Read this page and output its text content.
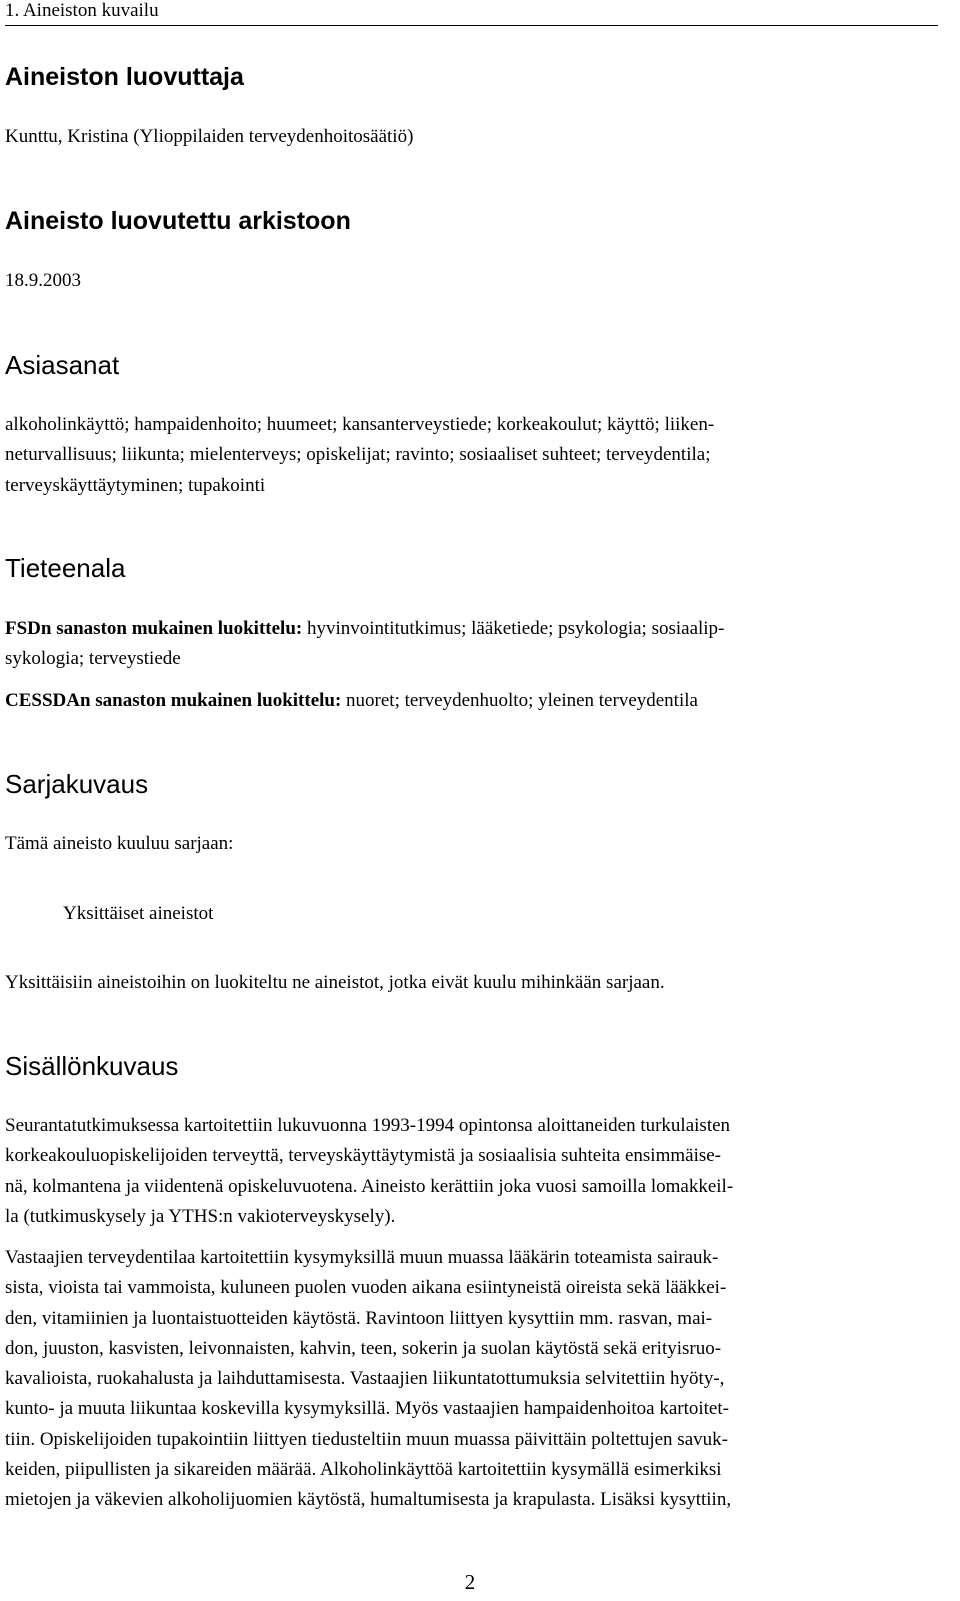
1. Aineiston kuvailu
Aineiston luovuttaja

Kunttu, Kristina (Ylioppilaiden terveydenhoitosäätiö)

Aineisto luovutettu arkistoon

18.9.2003

Asiasanat
alkoholinkäyttö; hampaidenhoito; huumeet; kansanterveystiede; korkeakoulut; käyttö; liiken-
neturvallisuus; liikunta; mielenterveys; opiskelijat; ravinto; sosiaaliset suhteet; terveydentila;
terveyskäyttäytyminen; tupakointi
Tieteenala
FSDn sanaston mukainen luokittelu: hyvinvointitutkimus; lääketiede; psykologia; sosiaalip-
sykologia; terveystiede
CESSDAn sanaston mukainen luokittelu: nuoret; terveydenhuolto; yleinen terveydentila
Sarjakuvaus

Tämä aineisto kuuluu sarjaan:

Yksittäiset aineistot

Yksittäisiin aineistoihin on luokiteltu ne aineistot, jotka eivät kuulu mihinkään sarjaan.

Sisällönkuvaus
Seurantatutkimuksessa kartoitettiin lukuvuonna 1993-1994 opintonsa aloittaneiden turkulaisten
korkeakouluopiskelijoiden terveyttä, terveyskäyttäytymistä ja sosiaalisia suhteita ensimmäise-
nä, kolmantena ja viidentenä opiskeluvuotena. Aineisto kerättiin joka vuosi samoilla lomakkeil-
la (tutkimuskysely ja YTHS:n vakioterveyskysely).
Vastaajien terveydentilaa kartoitettiin kysymyksillä muun muassa lääkärin toteamista sairauk-
sista, vioista tai vammoista, kuluneen puolen vuoden aikana esiintyneistä oireista sekä lääkkei-
den, vitamiinien ja luontaistuotteiden käytöstä. Ravintoon liittyen kysyttiin mm. rasvan, mai-
don, juuston, kasvisten, leivonnaisten, kahvin, teen, sokerin ja suolan käytöstä sekä erityisruo-
kavalioista, ruokahalusta ja laihduttamisesta. Vastaajien liikuntatottumuksia selvitettiin hyöty-,
kunto- ja muuta liikuntaa koskevilla kysymyksillä. Myös vastaajien hampaidenhoitoa kartoitet-
tiin. Opiskelijoiden tupakointiin liittyen tiedusteltiin muun muassa päivittäin poltettujen savuk-
keiden, piipullisten ja sikareiden määrää. Alkoholinkäyttöä kartoitettiin kysymällä esimerkiksi
mietojen ja väkevien alkoholijuomien käytöstä, humaltumisesta ja krapulasta. Lisäksi kysyttiin,
2
